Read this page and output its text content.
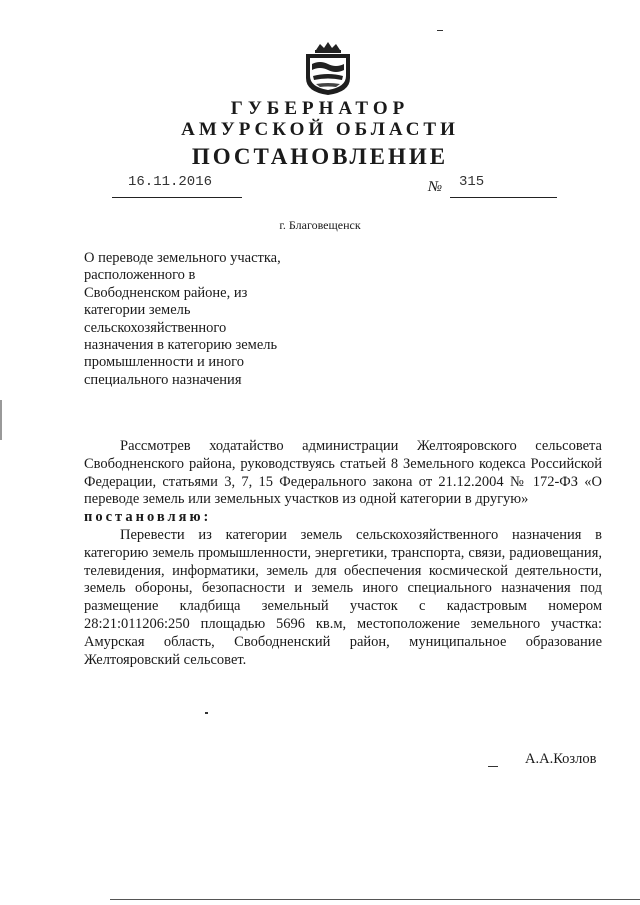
ГУБЕРНАТОР
АМУРСКОЙ ОБЛАСТИ
ПОСТАНОВЛЕНИЕ
16.11.2016	№ 315
г. Благовещенск
О переводе земельного участка,
расположенного в
Свободненском районе, из
категории земель
сельскохозяйственного
назначения в категорию земель
промышленности и иного
специального назначения
Рассмотрев ходатайство администрации Желтояровского сельсовета Свободненского района, руководствуясь статьей 8 Земельного кодекса Российской Федерации, статьями 3, 7, 15 Федерального закона от 21.12.2004 № 172-ФЗ «О переводе земель или земельных участков из одной категории в другую»
постановляю:
Перевести из категории земель сельскохозяйственного назначения в категорию земель промышленности, энергетики, транспорта, связи, радиовещания, телевидения, информатики, земель для обеспечения космической деятельности, земель обороны, безопасности и земель иного специального назначения под размещение кладбища земельный участок с кадастровым номером 28:21:011206:250 площадью 5696 кв.м, местоположение земельного участка: Амурская область, Свободненский район, муниципальное образование Желтояровский сельсовет.
А.А.Козлов
